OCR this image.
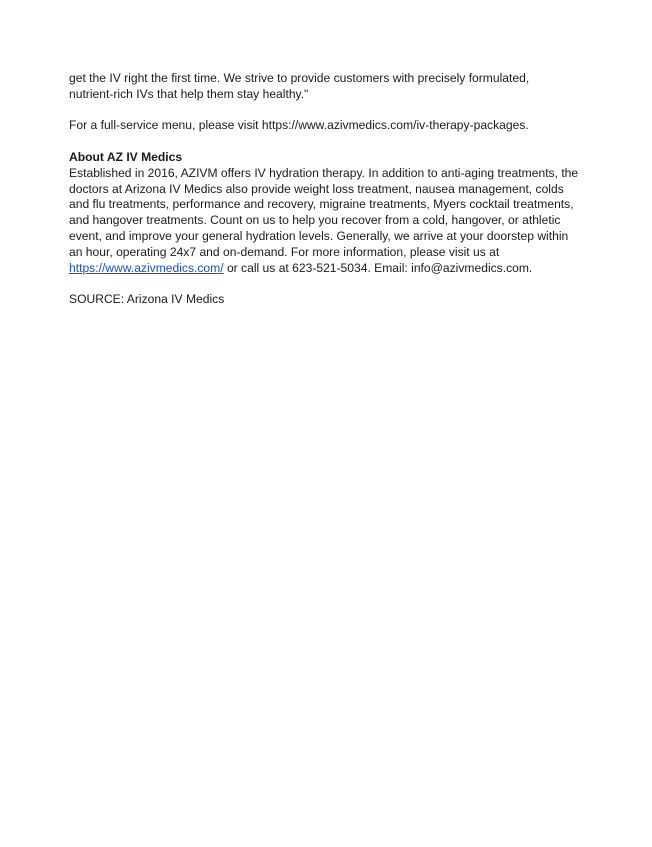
get the IV right the first time. We strive to provide customers with precisely formulated,
nutrient-rich IVs that help them stay healthy."

For a full-service menu, please visit https://www.azivmedics.com/iv-therapy-packages.

About AZ IV Medics
Established in 2016, AZIVM offers IV hydration therapy. In addition to anti-aging treatments, the
doctors at Arizona IV Medics also provide weight loss treatment, nausea management, colds
and flu treatments, performance and recovery, migraine treatments, Myers cocktail treatments,
and hangover treatments. Count on us to help you recover from a cold, hangover, or athletic
event, and improve your general hydration levels. Generally, we arrive at your doorstep within
an hour, operating 24x7 and on-demand. For more information, please visit us at
https://www.azivmedics.com/ or call us at 623-521-5034. Email: info@azivmedics.com.

SOURCE: Arizona IV Medics
